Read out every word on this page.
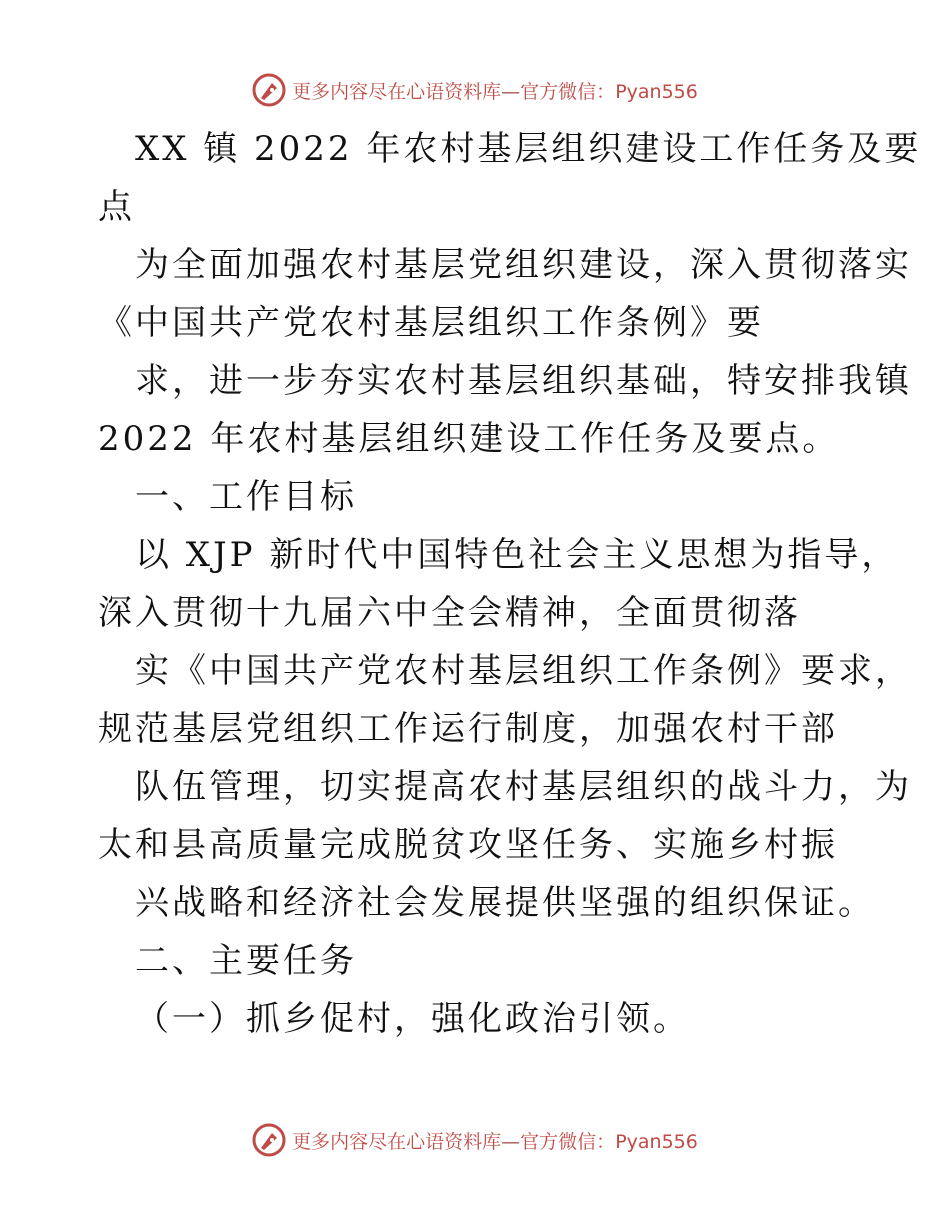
更多内容尽在心语资料库—官方微信：Pyan556
XX 镇 2022 年农村基层组织建设工作任务及要
点
为全面加强农村基层党组织建设，深入贯彻落实
《中国共产党农村基层组织工作条例》要
求，进一步夯实农村基层组织基础，特安排我镇
2022 年农村基层组织建设工作任务及要点。
一、工作目标
以 XJP 新时代中国特色社会主义思想为指导，
深入贯彻十九届六中全会精神，全面贯彻落
实《中国共产党农村基层组织工作条例》要求，
规范基层党组织工作运行制度，加强农村干部
队伍管理，切实提高农村基层组织的战斗力，为
太和县高质量完成脱贫攻坚任务、实施乡村振
兴战略和经济社会发展提供坚强的组织保证。
二、主要任务
（一）抓乡促村，强化政治引领。
更多内容尽在心语资料库—官方微信：Pyan556
